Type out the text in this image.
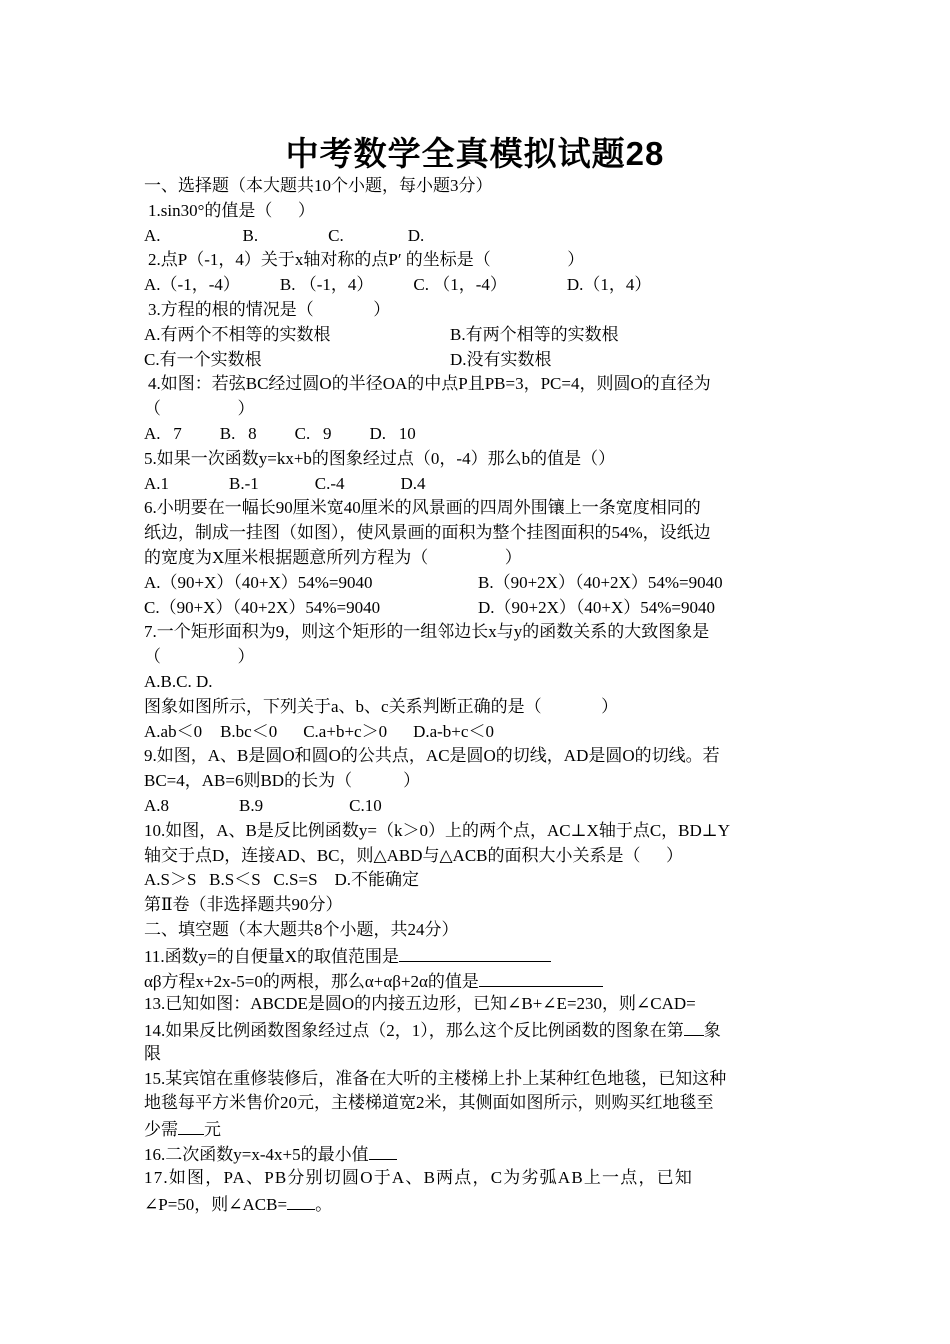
中考数学全真模拟试题28
一、选择题（本大题共10个小题，每小题3分）
1.sin30°的值是（      ）
A.	B.	C.	D.
2.点P（-1，4）关于x轴对称的点P′ 的坐标是（                  ）
A.（-1，-4） B. （-1，4） C. （1，-4）	D.（1，4）
3.方程的根的情况是（              ）
A.有两个不相等的实数根	B.有两个相等的实数根
C.有一个实数根	D.没有实数根
4.如图：若弦BC经过圆O的半径OA的中点P且PB=3，PC=4，则圆O的直径为
（                  ）
A.   7 B.   8 C.   9 D.   10
5.如果一次函数y=kx+b的图象经过点（0，-4）那么b的值是（）
A.1	B.-1	C.-4	D.4
6.小明要在一幅长90厘米宽40厘米的风景画的四周外围镶上一条宽度相同的
纸边，制成一挂图（如图），使风景画的面积为整个挂图面积的54%，设纸边
的宽度为X厘米根据题意所列方程为（                  ）
A.（90+X）（40+X）54%=9040	B.（90+2X）（40+2X）54%=9040
C.（90+X）（40+2X）54%=9040	D.（90+2X）（40+X）54%=9040
7.一个矩形面积为9，则这个矩形的一组邻边长x与y的函数关系的大致图象是
（                  ）
A.B.C. D.
图象如图所示，下列关于a、b、c关系判断正确的是（              ）
A.ab＜0 B.bc＜0 C.a+b+c＞0 D.a-b+c＜0
9.如图，A、B是圆O和圆O的公共点，AC是圆O的切线，AD是圆O的切线。若
BC=4，AB=6则BD的长为（            ）
A.8	B.9	C.10
10.如图，A、B是反比例函数y=（k＞0）上的两个点，AC⊥X轴于点C，BD⊥Y
轴交于点D，连接AD、BC，则△ABD与△ACB的面积大小关系是（      ）
A.S＞S   B.S＜S   C.S=S    D.不能确定
第Ⅱ卷（非选择题共90分）
二、填空题（本大题共8个小题，共24分）
11.函数y=的自便量X的取值范围是
αβ方程x+2x-5=0的两根，那么α+αβ+2α的值是
13.已知如图：ABCDE是圆O的内接五边形，已知∠B+∠E=230，则∠CAD=
14.如果反比例函数图象经过点（2，1），那么这个反比例函数的图象在第 象
限
15.某宾馆在重修装修后，准备在大听的主楼梯上扑上某种红色地毯，已知这种
地毯每平方米售价20元，主楼梯道宽2米，其侧面如图所示，则购买红地毯至
少需 元
16.二次函数y=x-4x+5的最小值
17.如图，PA、PB分别切圆O于A、B两点，C为劣弧AB上一点，已知
∠P=50，则∠ACB= 。
